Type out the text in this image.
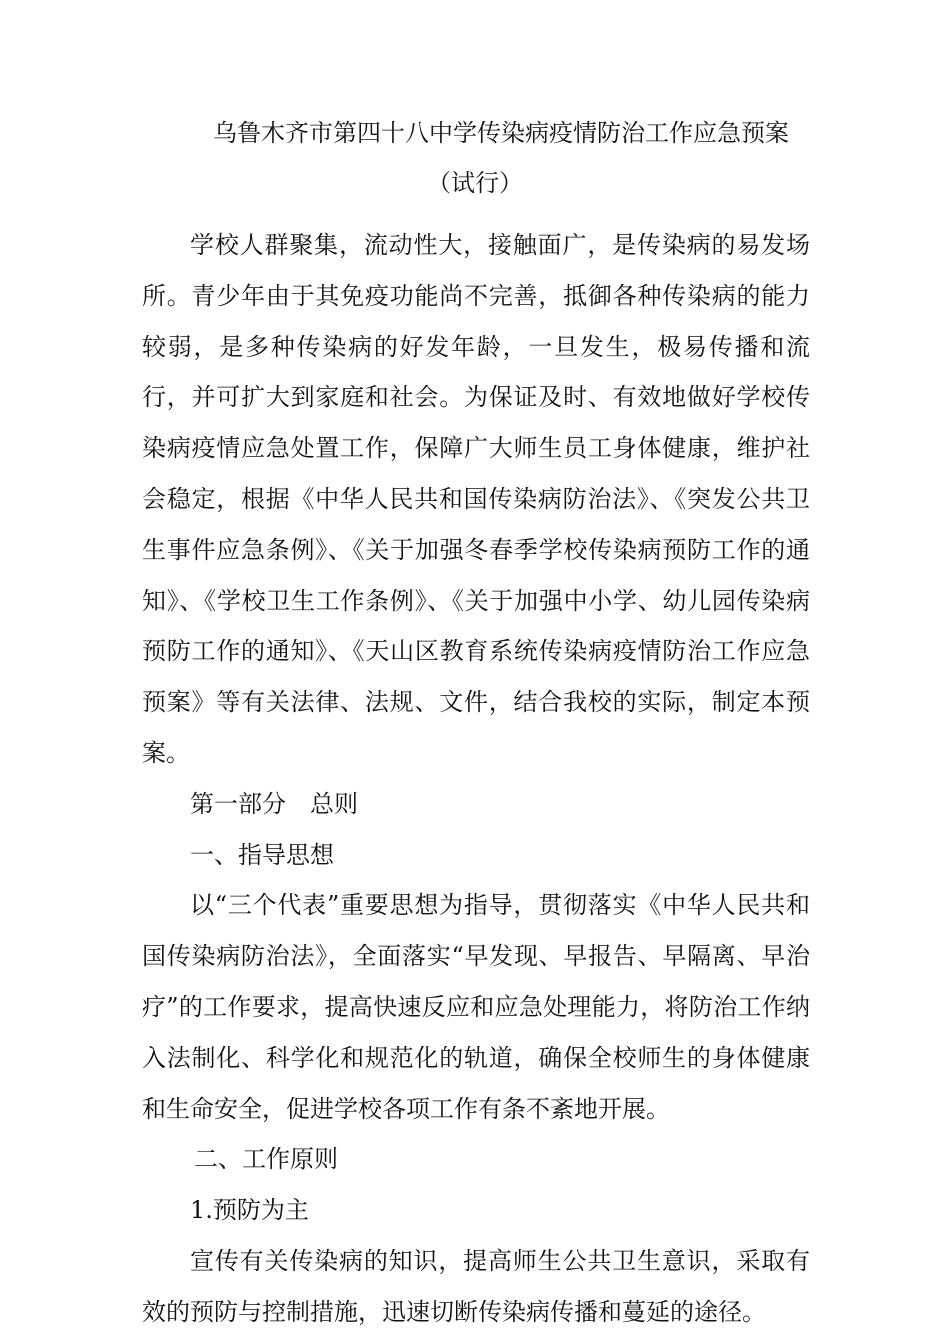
乌鲁木齐市第四十八中学传染病疫情防治工作应急预案
（试行）

学校人群聚集，流动性大，接触面广，是传染病的易发场所。青少年由于其免疫功能尚不完善，抵御各种传染病的能力较弱，是多种传染病的好发年龄，一旦发生，极易传播和流行，并可扩大到家庭和社会。为保证及时、有效地做好学校传染病疫情应急处置工作，保障广大师生员工身体健康，维护社会稳定，根据《中华人民共和国传染病防治法》、《突发公共卫生事件应急条例》、《关于加强冬春季学校传染病预防工作的通知》、《学校卫生工作条例》、《关于加强中小学、幼儿园传染病预防工作的通知》、《天山区教育系统传染病疫情防治工作应急预案》等有关法律、法规、文件，结合我校的实际，制定本预案。

第一部分　总则

一、指导思想

以“三个代表”重要思想为指导，贯彻落实《中华人民共和国传染病防治法》，全面落实“早发现、早报告、早隔离、早治疗”的工作要求，提高快速反应和应急处理能力，将防治工作纳入法制化、科学化和规范化的轨道，确保全校师生的身体健康和生命安全，促进学校各项工作有条不紊地开展。

二、工作原则

1.预防为主

宣传有关传染病的知识，提高师生公共卫生意识，采取有效的预防与控制措施，迅速切断传染病传播和蔓延的途径。
